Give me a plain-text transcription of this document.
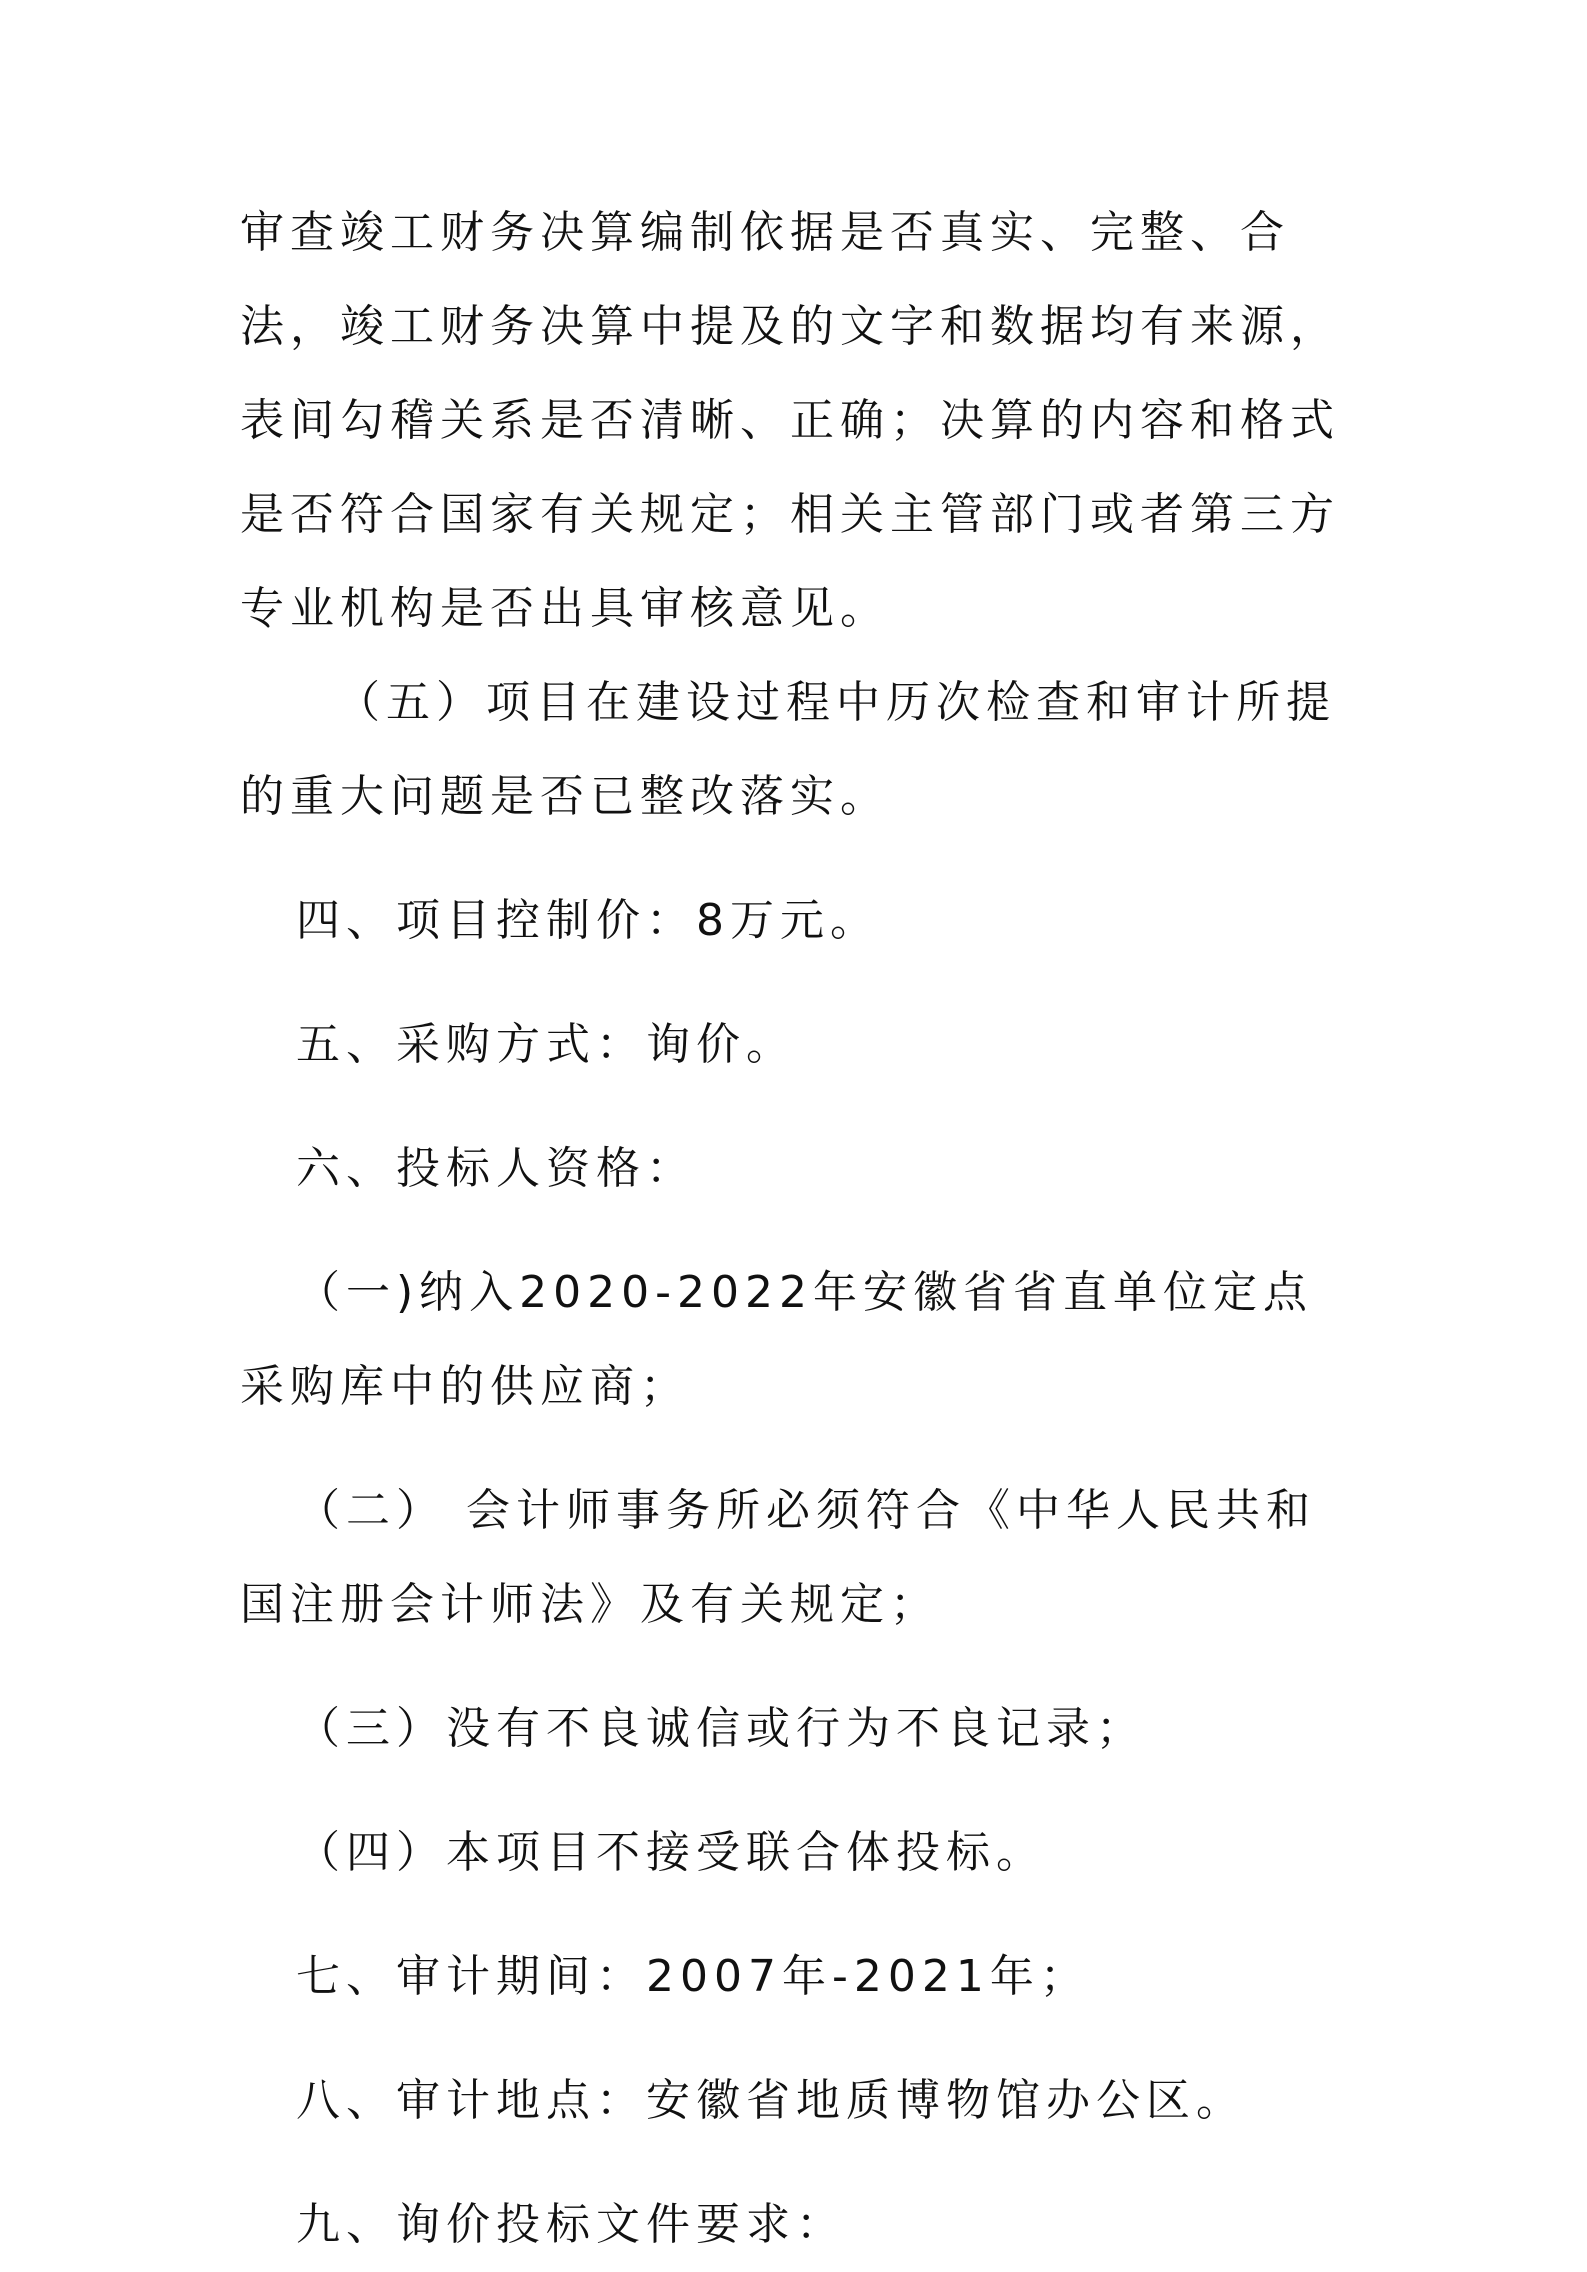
审查竣工财务决算编制依据是否真实、完整、合法，竣工财务决算中提及的文字和数据均有来源，表间勾稽关系是否清晰、正确；决算的内容和格式是否符合国家有关规定；相关主管部门或者第三方专业机构是否出具审核意见。

（五）项目在建设过程中历次检查和审计所提的重大问题是否已整改落实。

四、项目控制价：8万元。

五、采购方式：询价。

六、投标人资格：

（一)纳入2020-2022年安徽省省直单位定点采购库中的供应商；

（二） 会计师事务所必须符合《中华人民共和国注册会计师法》及有关规定；

（三）没有不良诚信或行为不良记录；

（四）本项目不接受联合体投标。

七、审计期间：2007年-2021年；

八、审计地点：安徽省地质博物馆办公区。

九、询价投标文件要求：
